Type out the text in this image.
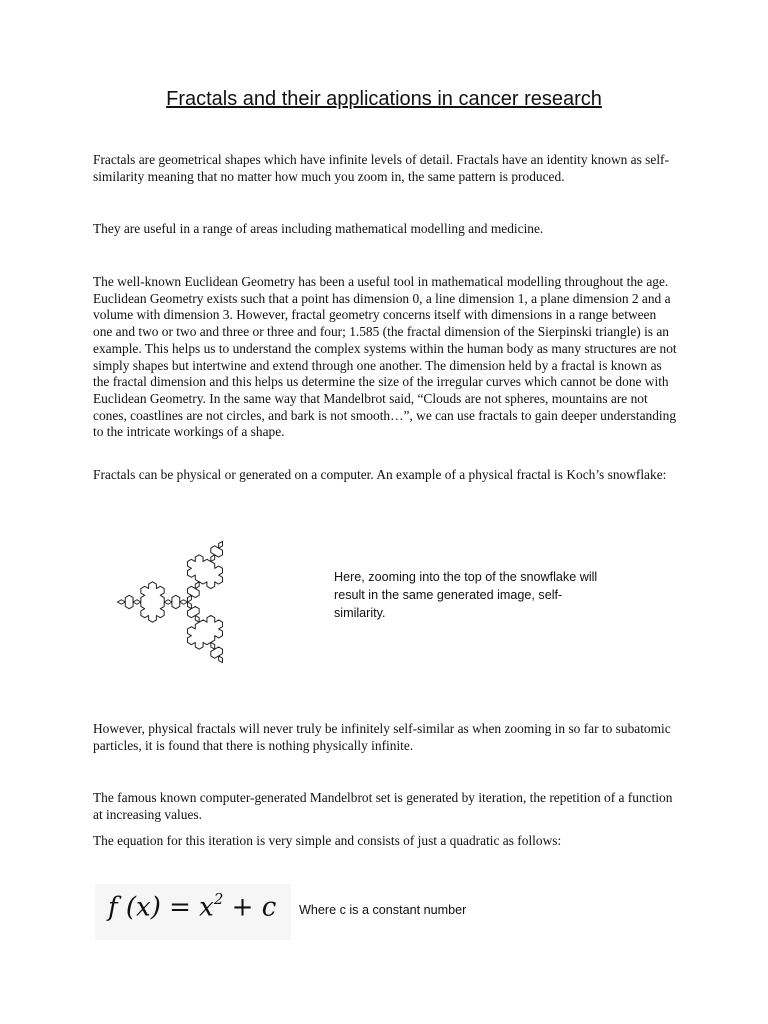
Fractals and their applications in cancer research

Fractals are geometrical shapes which have infinite levels of detail. Fractals have an identity known as self-similarity meaning that no matter how much you zoom in, the same pattern is produced.

They are useful in a range of areas including mathematical modelling and medicine.

The well-known Euclidean Geometry has been a useful tool in mathematical modelling throughout the age. Euclidean Geometry exists such that a point has dimension 0, a line dimension 1, a plane dimension 2 and a volume with dimension 3. However, fractal geometry concerns itself with dimensions in a range between one and two or two and three or three and four; 1.585 (the fractal dimension of the Sierpinski triangle) is an example. This helps us to understand the complex systems within the human body as many structures are not simply shapes but intertwine and extend through one another. The dimension held by a fractal is known as the fractal dimension and this helps us determine the size of the irregular curves which cannot be done with Euclidean Geometry. In the same way that Mandelbrot said, “Clouds are not spheres, mountains are not cones, coastlines are not circles, and bark is not smooth…”, we can use fractals to gain deeper understanding to the intricate workings of a shape.

Fractals can be physical or generated on a computer. An example of a physical fractal is Koch’s snowflake:

Here, zooming into the top of the snowflake will result in the same generated image, self-similarity.

However, physical fractals will never truly be infinitely self-similar as when zooming in so far to subatomic particles, it is found that there is nothing physically infinite.

The famous known computer-generated Mandelbrot set is generated by iteration, the repetition of a function at increasing values.

The equation for this iteration is very simple and consists of just a quadratic as follows:

f $(x) = x^2 + c$ Where c is a constant number
